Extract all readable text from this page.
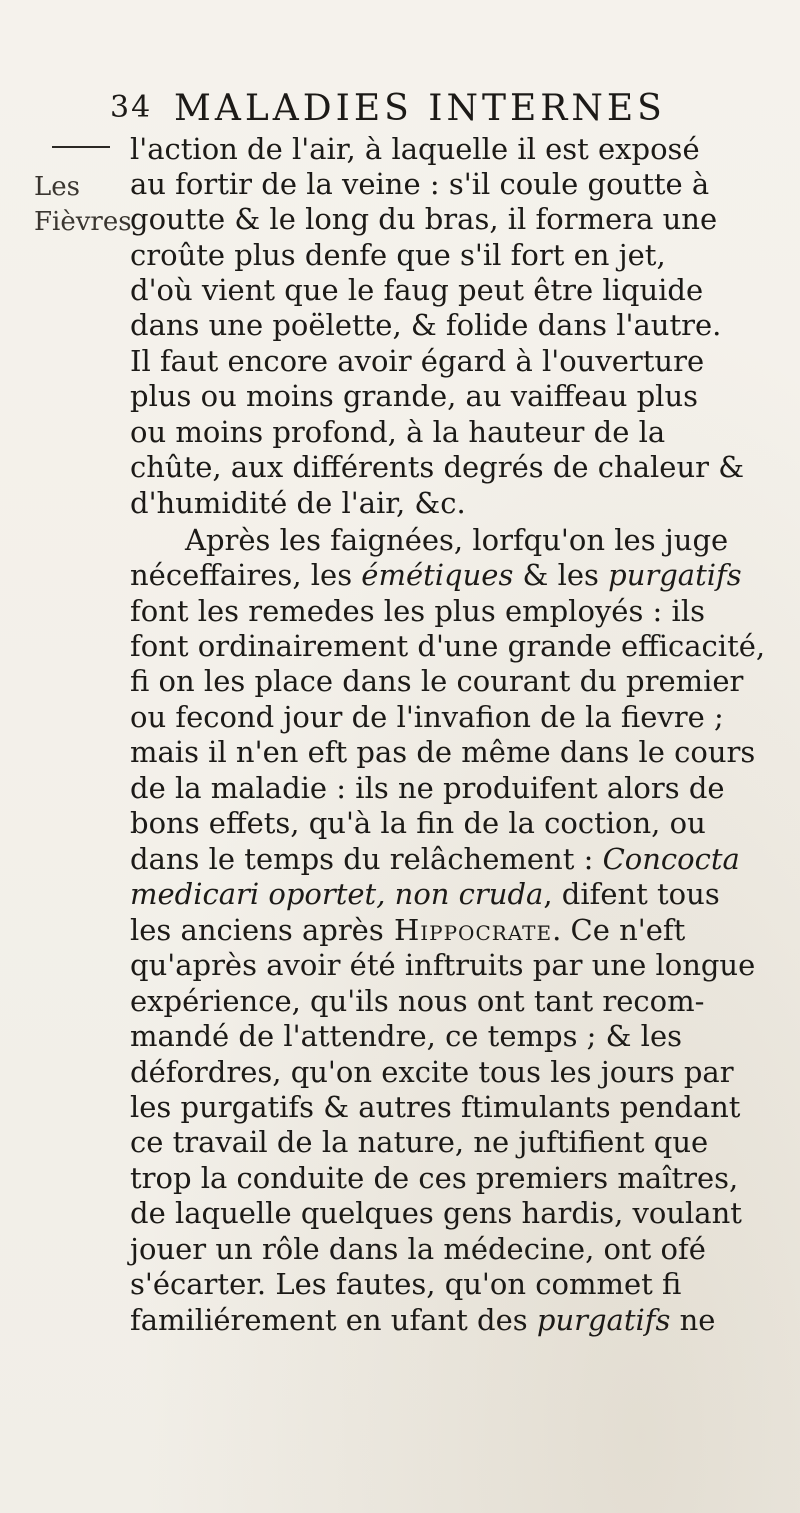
34 MALADIES INTERNES
Les
Fièvres
l'action de l'air, à laquelle il est exposé
au fortir de la veine : s'il coule goutte à
goutte & le long du bras, il formera une
croûte plus denfe que s'il fort en jet,
d'où vient que le faug peut être liquide
dans une poëlette, & folide dans l'autre.
Il faut encore avoir égard à l'ouverture
plus ou moins grande, au vaiffeau plus
ou moins profond, à la hauteur de la
chûte, aux différents degrés de chaleur &
d'humidité de l'air, &c.
Après les faignées, lorfqu'on les juge
néceffaires, les émétiques & les purgatifs
font les remedes les plus employés : ils
font ordinairement d'une grande efficacité,
fi on les place dans le courant du premier
ou fecond jour de l'invafion de la fievre ;
mais il n'en eft pas de même dans le cours
de la maladie : ils ne produifent alors de
bons effets, qu'à la fin de la coction, ou
dans le temps du relâchement : Concocta
medicari oportet, non cruda, difent tous
les anciens après Hippocrate. Ce n'eft
qu'après avoir été inftruits par une longue
expérience, qu'ils nous ont tant recom-
mandé de l'attendre, ce temps ; & les
défordres, qu'on excite tous les jours par
les purgatifs & autres ftimulants pendant
ce travail de la nature, ne juftifient que
trop la conduite de ces premiers maîtres,
de laquelle quelques gens hardis, voulant
jouer un rôle dans la médecine, ont ofé
s'écarter. Les fautes, qu'on commet fi
familiérement en ufant des purgatifs ne
